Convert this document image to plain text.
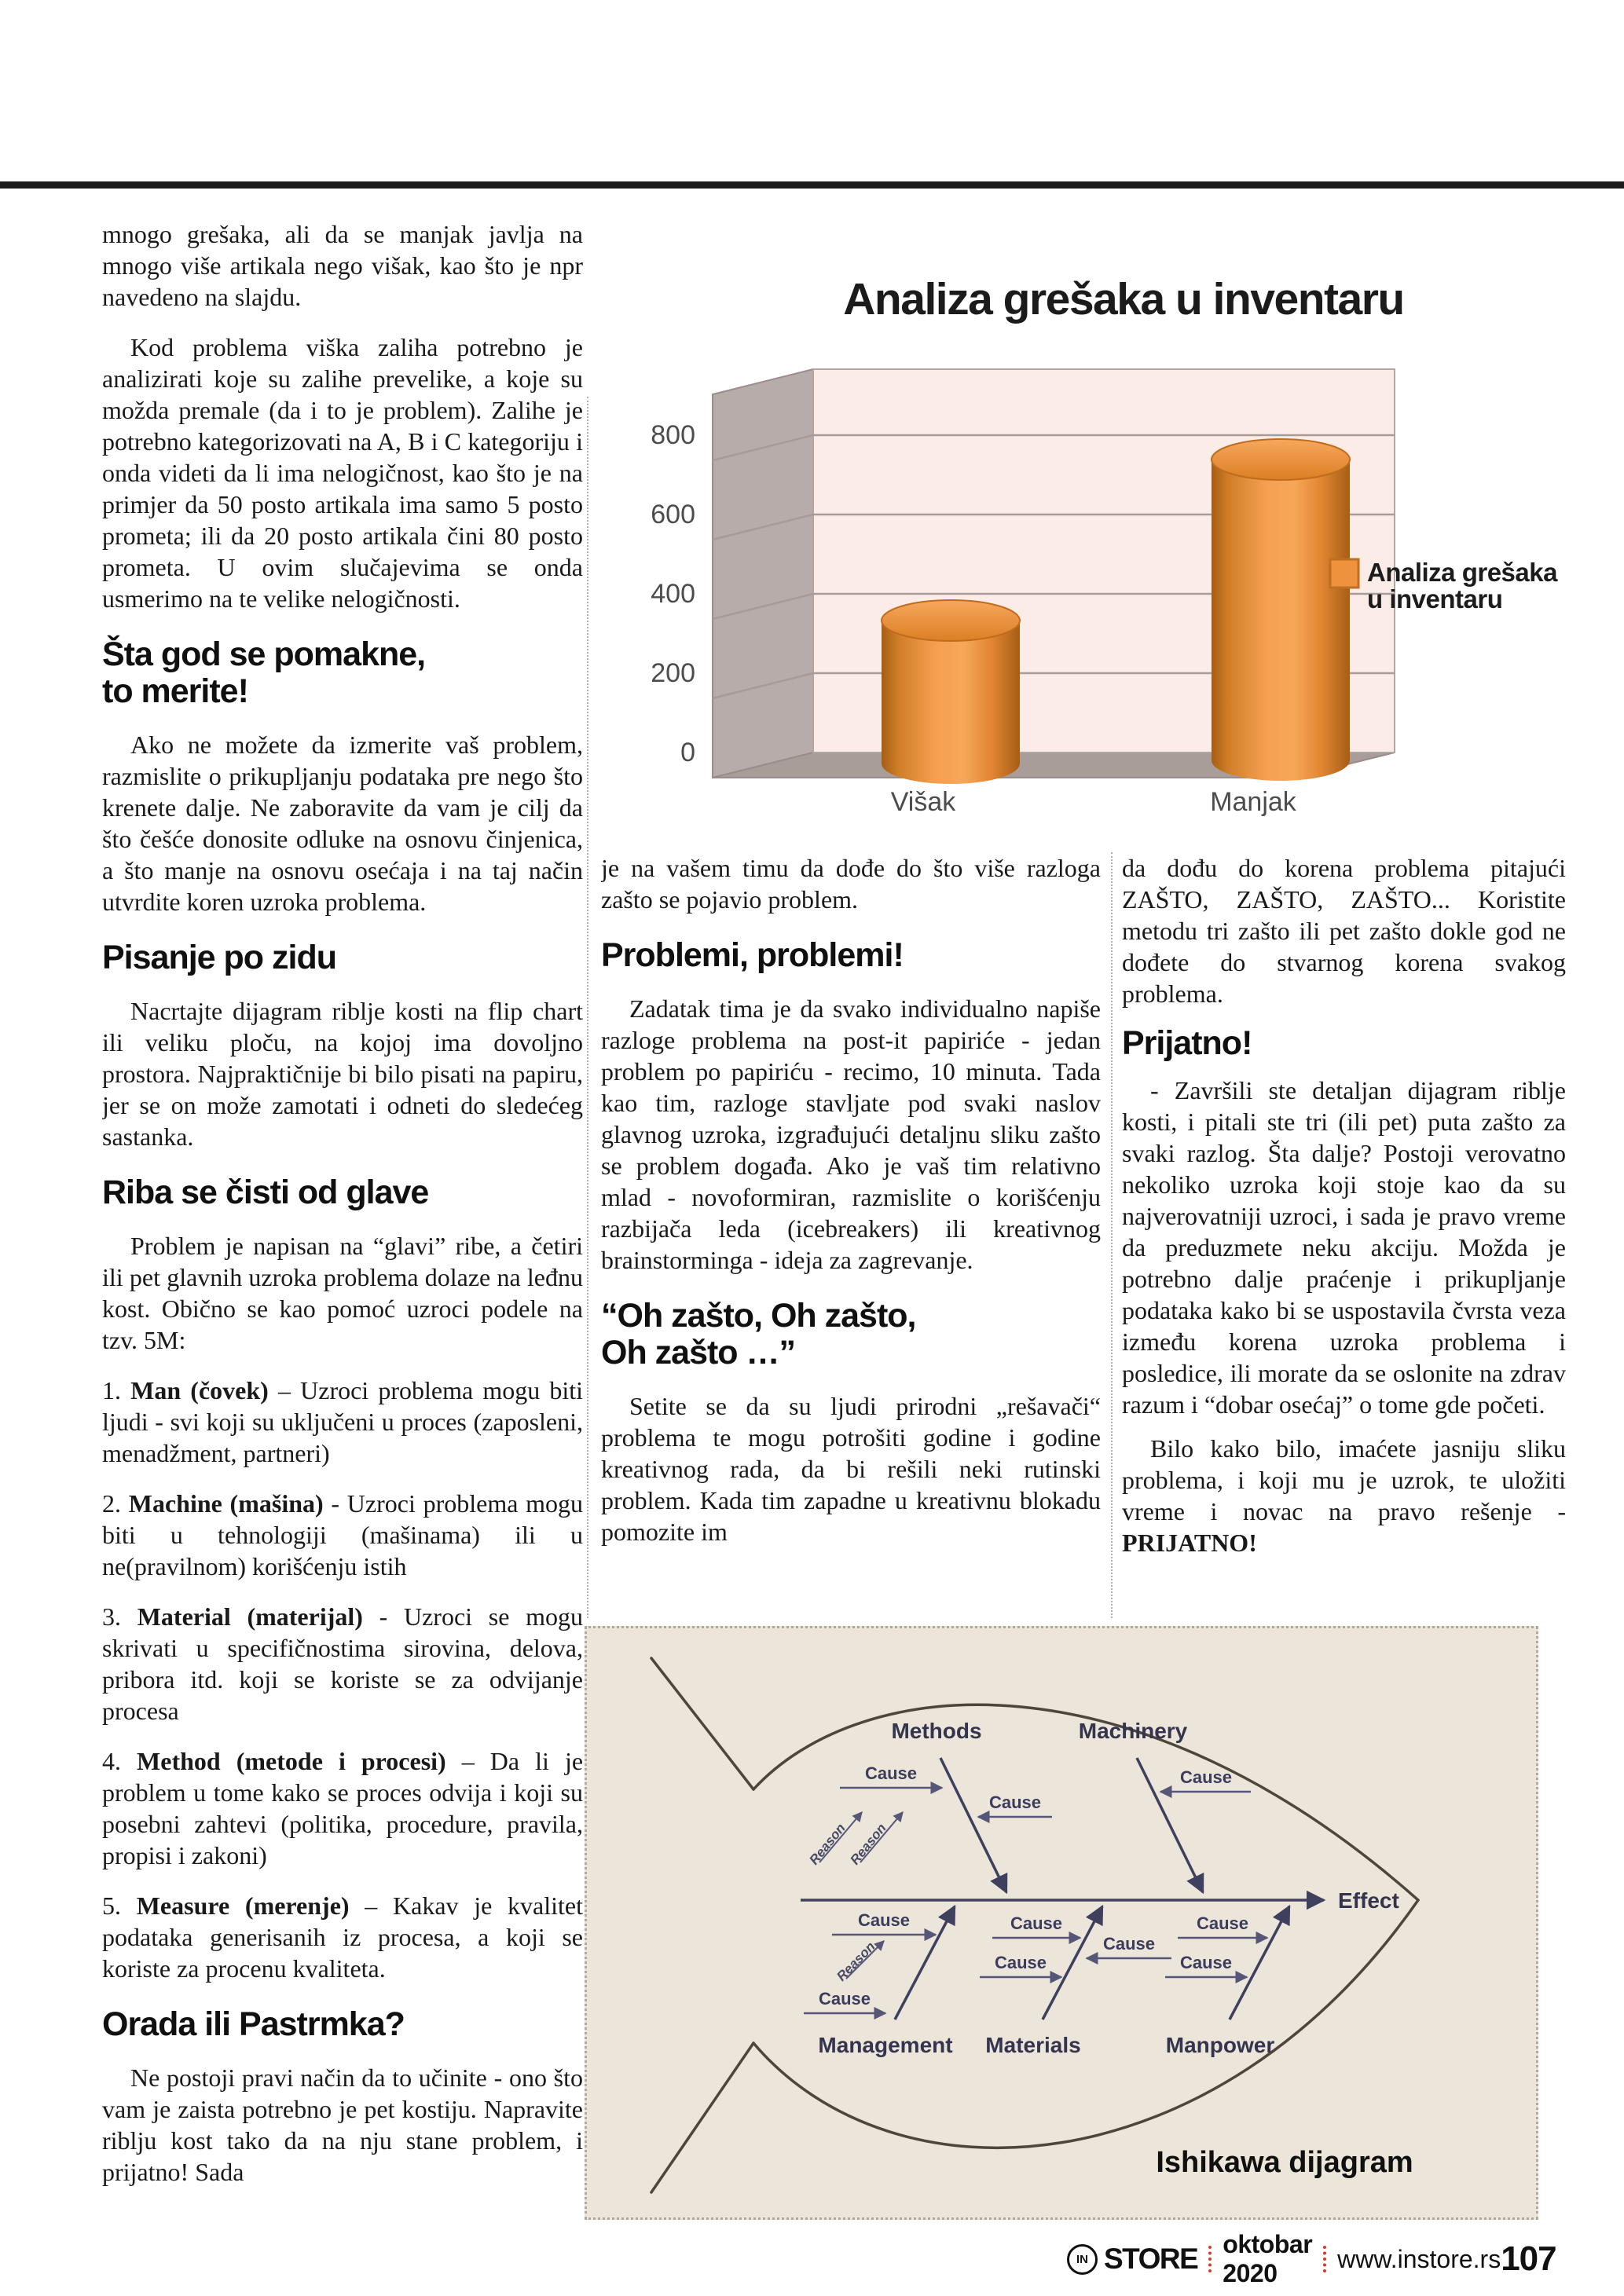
mnogo grešaka, ali da se manjak javlja na mnogo više artikala nego višak, kao što je npr navedeno na slajdu.

Kod problema viška zaliha potrebno je analizirati koje su zalihe prevelike, a koje su možda premale (da i to je problem). Zalihe je potrebno kategorizovati na A, B i C kategoriju i onda videti da li ima nelogičnost, kao što je na primjer da 50 posto artikala ima samo 5 posto prometa; ili da 20 posto artikala čini 80 posto prometa. U ovim slučajevima se onda usmerimo na te velike nelogičnosti.

Šta god se pomakne,
to merite!

Ako ne možete da izmerite vaš problem, razmislite o prikupljanju podataka pre nego što krenete dalje. Ne zaboravite da vam je cilj da što češće donosite odluke na osnovu činjenica, a što manje na osnovu osećaja i na taj način utvrdite koren uzroka problema.

Pisanje po zidu

Nacrtajte dijagram riblje kosti na flip chart ili veliku ploču, na kojoj ima dovoljno prostora. Najpraktičnije bi bilo pisati na papiru, jer se on može zamotati i odneti do sledećeg sastanka.

Riba se čisti od glave

Problem je napisan na “glavi” ribe, a četiri ili pet glavnih uzroka problema dolaze na leđnu kost. Obično se kao pomoć uzroci podele na tzv. 5M:

1. Man (čovek) – Uzroci problema mogu biti ljudi - svi koji su uključeni u proces (zaposleni, menadžment, partneri)

2. Machine (mašina) - Uzroci problema mogu biti u tehnologiji (mašinama) ili u ne(pravilnom) korišćenju istih

3. Material (materijal) - Uzroci se mogu skrivati u specifičnostima sirovina, delova, pribora itd. koji se koriste se za odvijanje procesa

4. Method (metode i procesi) – Da li je problem u tome kako se proces odvija i koji su posebni zahtevi (politika, procedure, pravila, propisi i zakoni)

5. Measure (merenje) – Kakav je kvalitet podataka generisanih iz procesa, a koji se koriste za procenu kvaliteta.

Orada ili Pastrmka?

Ne postoji pravi način da to učinite - ono što vam je zaista potrebno je pet kostiju. Napravite riblju kost tako da na nju stane problem, i prijatno! Sada

je na vašem timu da dođe do što više razloga zašto se pojavio problem.

Problemi, problemi!

Zadatak tima je da svako individualno napiše razloge problema na post-it papiriće - jedan problem po papiriću - recimo, 10 minuta. Tada kao tim, razloge stavljate pod svaki naslov glavnog uzroka, izgrađujući detaljnu sliku zašto se problem događa. Ako je vaš tim relativno mlad - novoformiran, razmislite o korišćenju razbijača leda (icebreakers) ili kreativnog brainstorminga - ideja za zagrevanje.

“Oh zašto, Oh zašto,
Oh zašto …”

Setite se da su ljudi prirodni „rešavači“ problema te mogu potrošiti godine i godine kreativnog rada, da bi rešili neki rutinski problem. Kada tim zapadne u kreativnu blokadu pomozite im

da dođu do korena problema pitajući ZAŠTO, ZAŠTO, ZAŠTO... Koristite metodu tri zašto ili pet zašto dokle god ne dođete do stvarnog korena svakog problema.

Prijatno!

- Završili ste detaljan dijagram riblje kosti, i pitali ste tri (ili pet) puta zašto za svaki razlog. Šta dalje? Postoji verovatno nekoliko uzroka koji stoje kao da su najverovatniji uzroci, i sada je pravo vreme da preduzmete neku akciju. Možda je potrebno dalje praćenje i prikupljanje podataka kako bi se uspostavila čvrsta veza između korena uzroka problema i posledice, ili morate da se oslonite na zdrav razum i “dobar osećaj” o tome gde početi.

Bilo kako bilo, imaćete jasniju sliku problema, i koji mu je uzrok, te uložiti vreme i novac na pravo rešenje - PRIJATNO!

Analiza grešaka u inventaru
800
600
400
200
0
Višak	Manjak
Analiza grešaka
u inventaru
Methods	Machinery
Management Materials	Manpower
Effect
Cause
Cause
Cause
Cause
Cause
Cause
Cause
Cause
Cause
Cause
Reason
Reason
Reason
Ishikawa dijagram
IN STORE oktobar 2020
www.instore.rs 107
